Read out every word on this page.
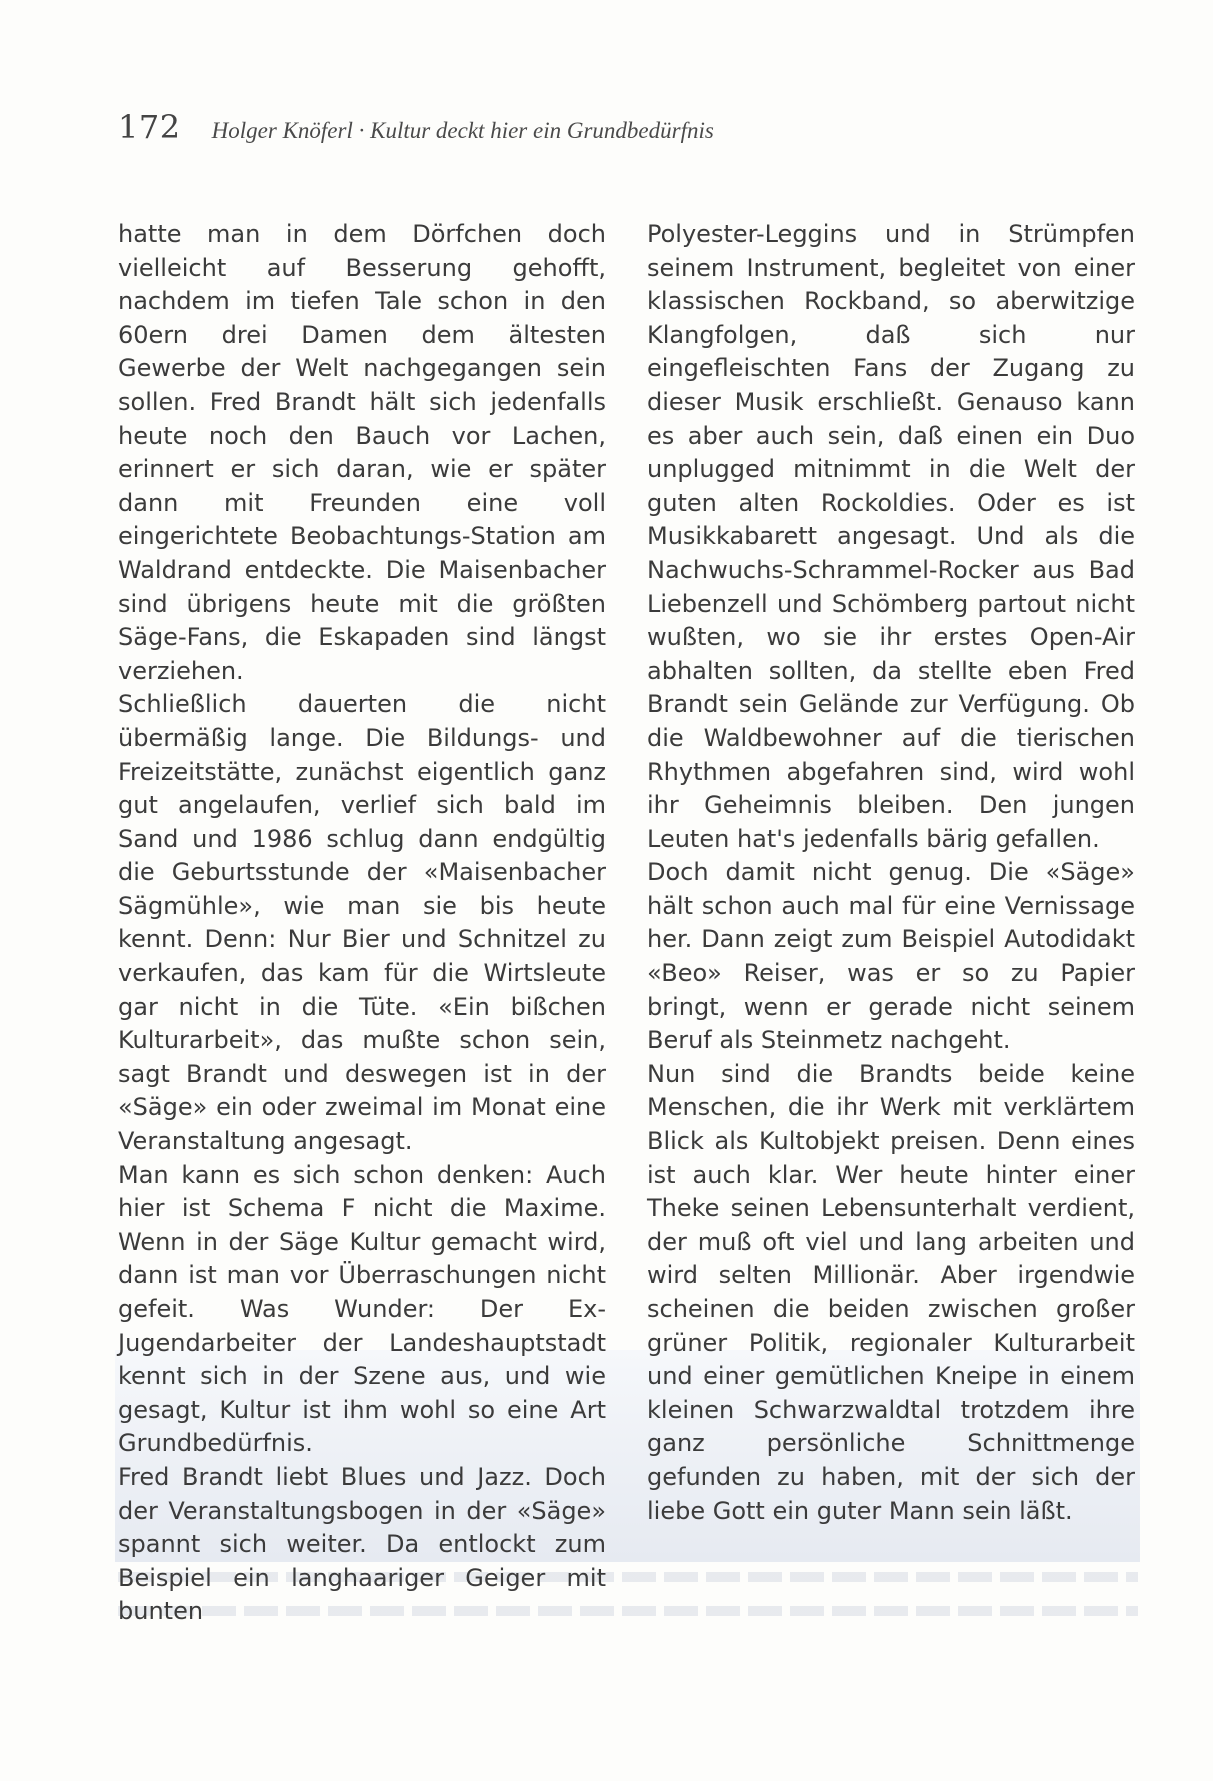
172 Holger Knöferl · Kultur deckt hier ein Grundbedürfnis

hatte man in dem Dörfchen doch vielleicht auf Besserung gehofft, nachdem im tiefen Tale schon in den 60ern drei Damen dem ältesten Gewerbe der Welt nachgegangen sein sollen. Fred Brandt hält sich jedenfalls heute noch den Bauch vor Lachen, erinnert er sich daran, wie er später dann mit Freunden eine voll eingerichtete Beobachtungs-Station am Waldrand entdeckte. Die Maisenbacher sind übrigens heute mit die größten Säge-Fans, die Eskapaden sind längst verziehen.

Schließlich dauerten die nicht übermäßig lange. Die Bildungs- und Freizeitstätte, zunächst eigentlich ganz gut angelaufen, verlief sich bald im Sand und 1986 schlug dann endgültig die Geburtsstunde der «Maisenbacher Sägmühle», wie man sie bis heute kennt. Denn: Nur Bier und Schnitzel zu verkaufen, das kam für die Wirtsleute gar nicht in die Tüte. «Ein bißchen Kulturarbeit», das mußte schon sein, sagt Brandt und deswegen ist in der «Säge» ein oder zweimal im Monat eine Veranstaltung angesagt.

Man kann es sich schon denken: Auch hier ist Schema F nicht die Maxime. Wenn in der Säge Kultur gemacht wird, dann ist man vor Überraschungen nicht gefeit. Was Wunder: Der Ex-Jugendarbeiter der Landeshauptstadt kennt sich in der Szene aus, und wie gesagt, Kultur ist ihm wohl so eine Art Grundbedürfnis.

Fred Brandt liebt Blues und Jazz. Doch der Veranstaltungsbogen in der «Säge» spannt sich weiter. Da entlockt zum Beispiel ein langhaariger Geiger mit bunten

Polyester-Leggins und in Strümpfen seinem Instrument, begleitet von einer klassischen Rockband, so aberwitzige Klangfolgen, daß sich nur eingefleischten Fans der Zugang zu dieser Musik erschließt. Genauso kann es aber auch sein, daß einen ein Duo unplugged mitnimmt in die Welt der guten alten Rockoldies. Oder es ist Musikkabarett angesagt. Und als die Nachwuchs-Schrammel-Rocker aus Bad Liebenzell und Schömberg partout nicht wußten, wo sie ihr erstes Open-Air abhalten sollten, da stellte eben Fred Brandt sein Gelände zur Verfügung. Ob die Waldbewohner auf die tierischen Rhythmen abgefahren sind, wird wohl ihr Geheimnis bleiben. Den jungen Leuten hat's jedenfalls bärig gefallen.

Doch damit nicht genug. Die «Säge» hält schon auch mal für eine Vernissage her. Dann zeigt zum Beispiel Autodidakt «Beo» Reiser, was er so zu Papier bringt, wenn er gerade nicht seinem Beruf als Steinmetz nachgeht.

Nun sind die Brandts beide keine Menschen, die ihr Werk mit verklärtem Blick als Kultobjekt preisen. Denn eines ist auch klar. Wer heute hinter einer Theke seinen Lebensunterhalt verdient, der muß oft viel und lang arbeiten und wird selten Millionär. Aber irgendwie scheinen die beiden zwischen großer grüner Politik, regionaler Kulturarbeit und einer gemütlichen Kneipe in einem kleinen Schwarzwaldtal trotzdem ihre ganz persönliche Schnittmenge gefunden zu haben, mit der sich der liebe Gott ein guter Mann sein läßt.
